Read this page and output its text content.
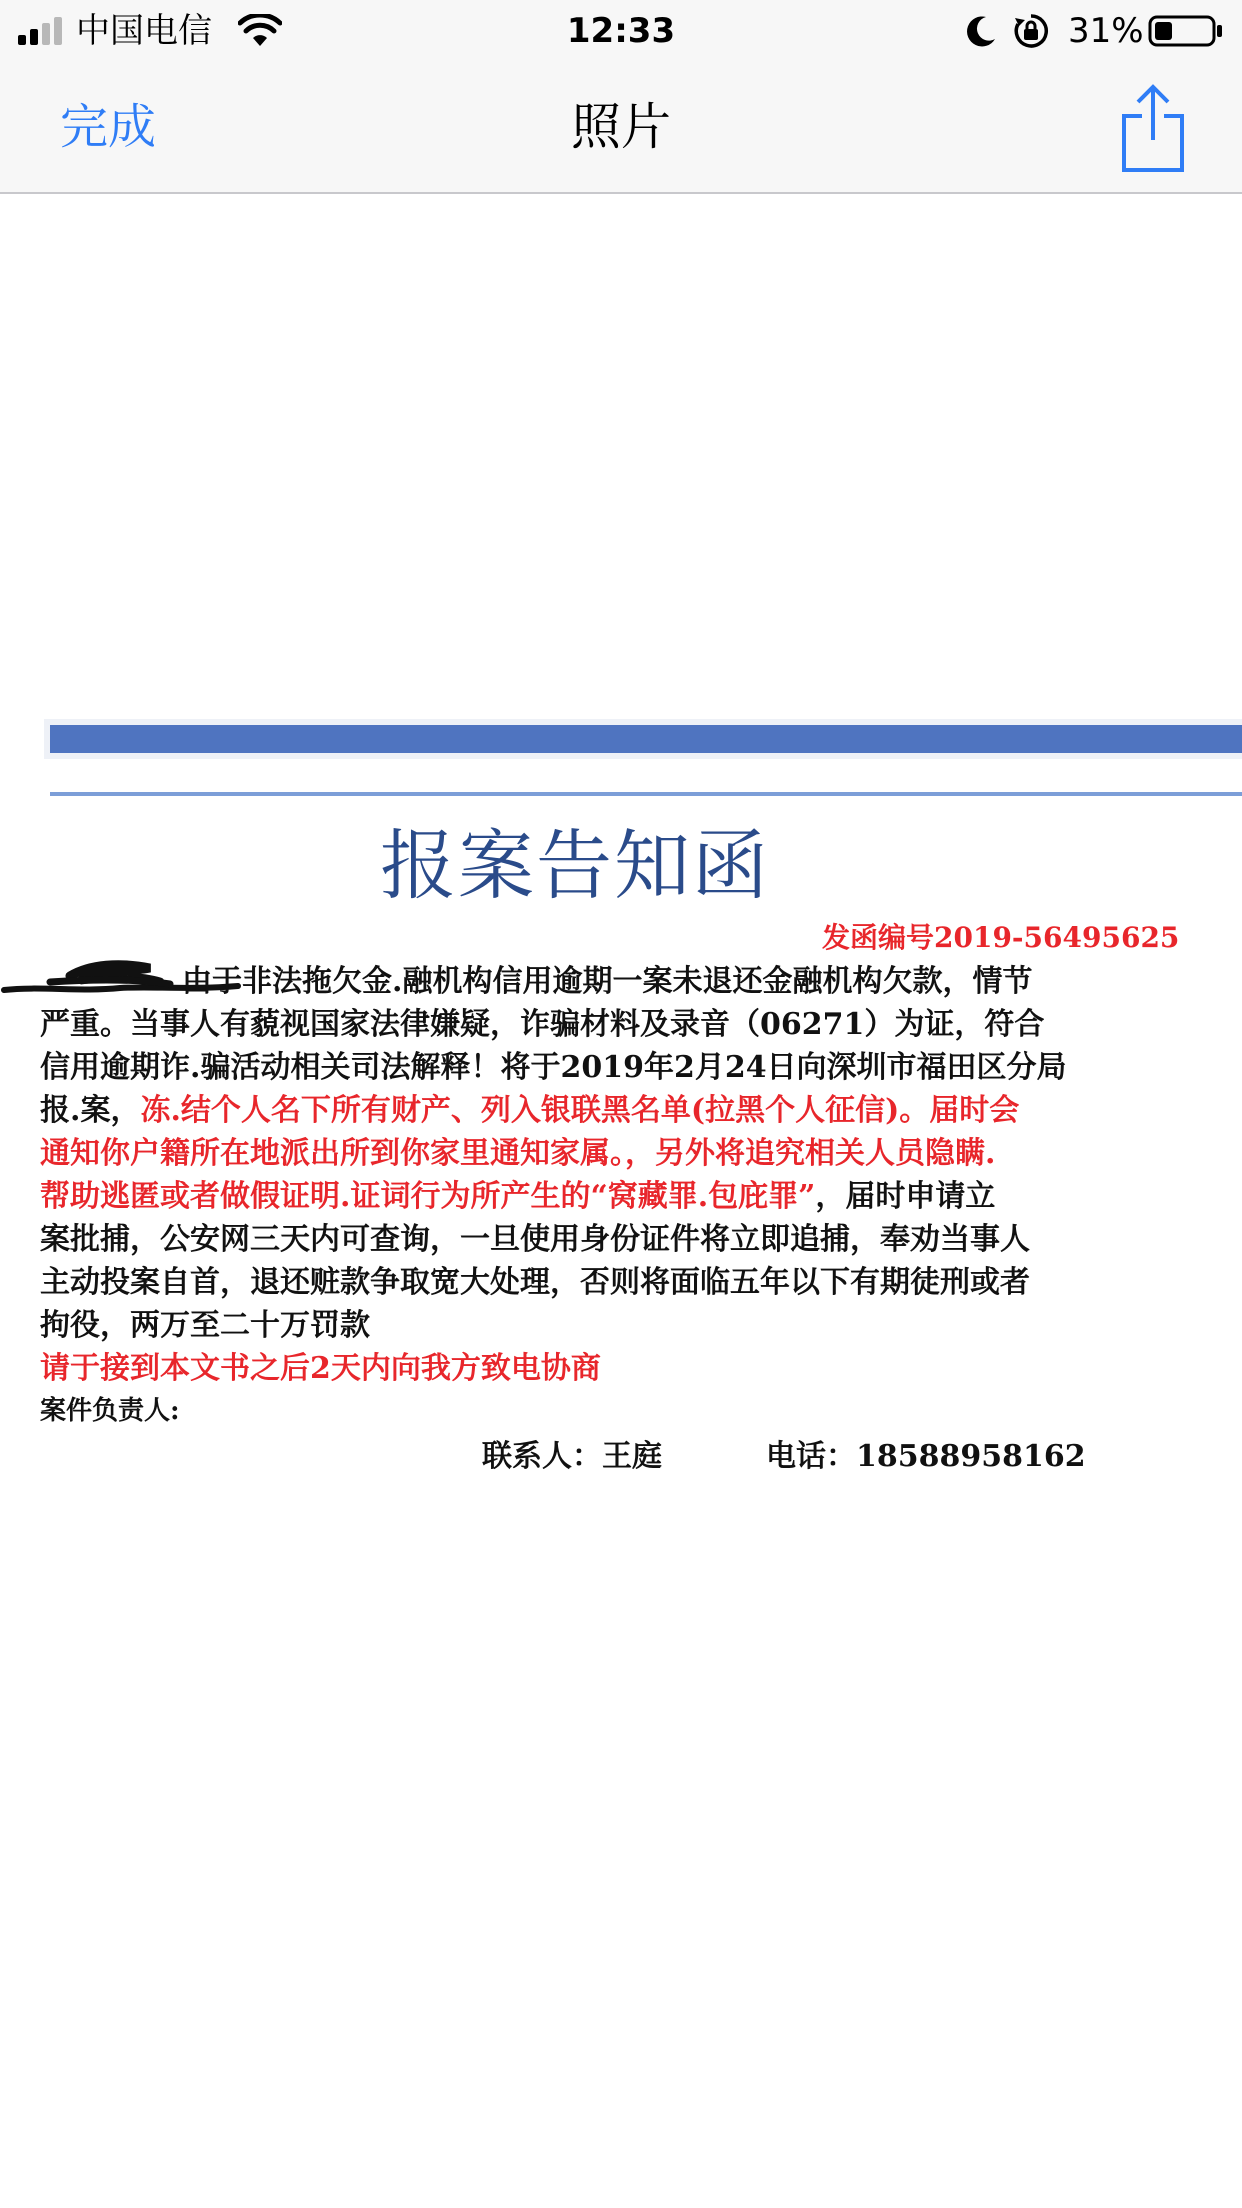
中国电信	12:33	31%
完成	照片
报案告知函
发函编号2019-56495625
由于非法拖欠金.融机构信用逾期一案未退还金融机构欠款，情节
严重。当事人有藐视国家法律嫌疑，诈骗材料及录音（06271）为证，符合
信用逾期诈.骗活动相关司法解释！将于2019年2月24日向深圳市福田区分局
报.案，冻.结个人名下所有财产、列入银联黑名单(拉黑个人征信)。届时会
通知你户籍所在地派出所到你家里通知家属。，另外将追究相关人员隐瞒.
帮助逃匿或者做假证明.证词行为所产生的“窝藏罪.包庇罪”，届时申请立
案批捕，公安网三天内可查询，一旦使用身份证件将立即追捕，奉劝当事人
主动投案自首，退还赃款争取宽大处理，否则将面临五年以下有期徒刑或者
拘役，两万至二十万罚款
请于接到本文书之后2天内向我方致电协商
案件负责人:
联系人：王庭	电话：18588958162
